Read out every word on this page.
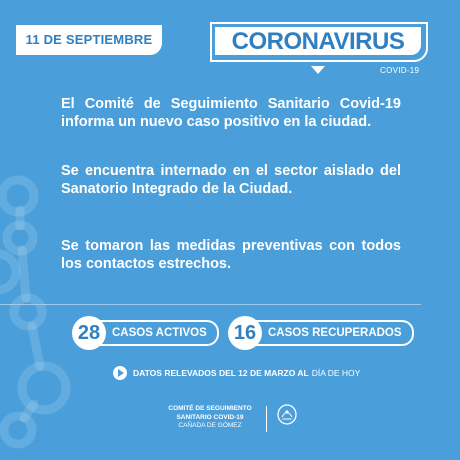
11 DE SEPTIEMBRE	CORONAVIRUS
COVID-19

El Comité de Seguimiento Sanitario Covid-19 informa un nuevo caso positivo en la ciudad.

Se encuentra internado en el sector aislado del Sanatorio Integrado de la Ciudad.

Se tomaron las medidas preventivas con todos los contactos estrechos.

28	CASOS ACTIVOS	16	CASOS RECUPERADOS
DATOS RELEVADOS DEL 12 DE MARZO AL DÍA DE HOY
COMITÉ DE SEGUIMIENTO
SANITARIO COVID-19
CAÑADA DE GÓMEZ
